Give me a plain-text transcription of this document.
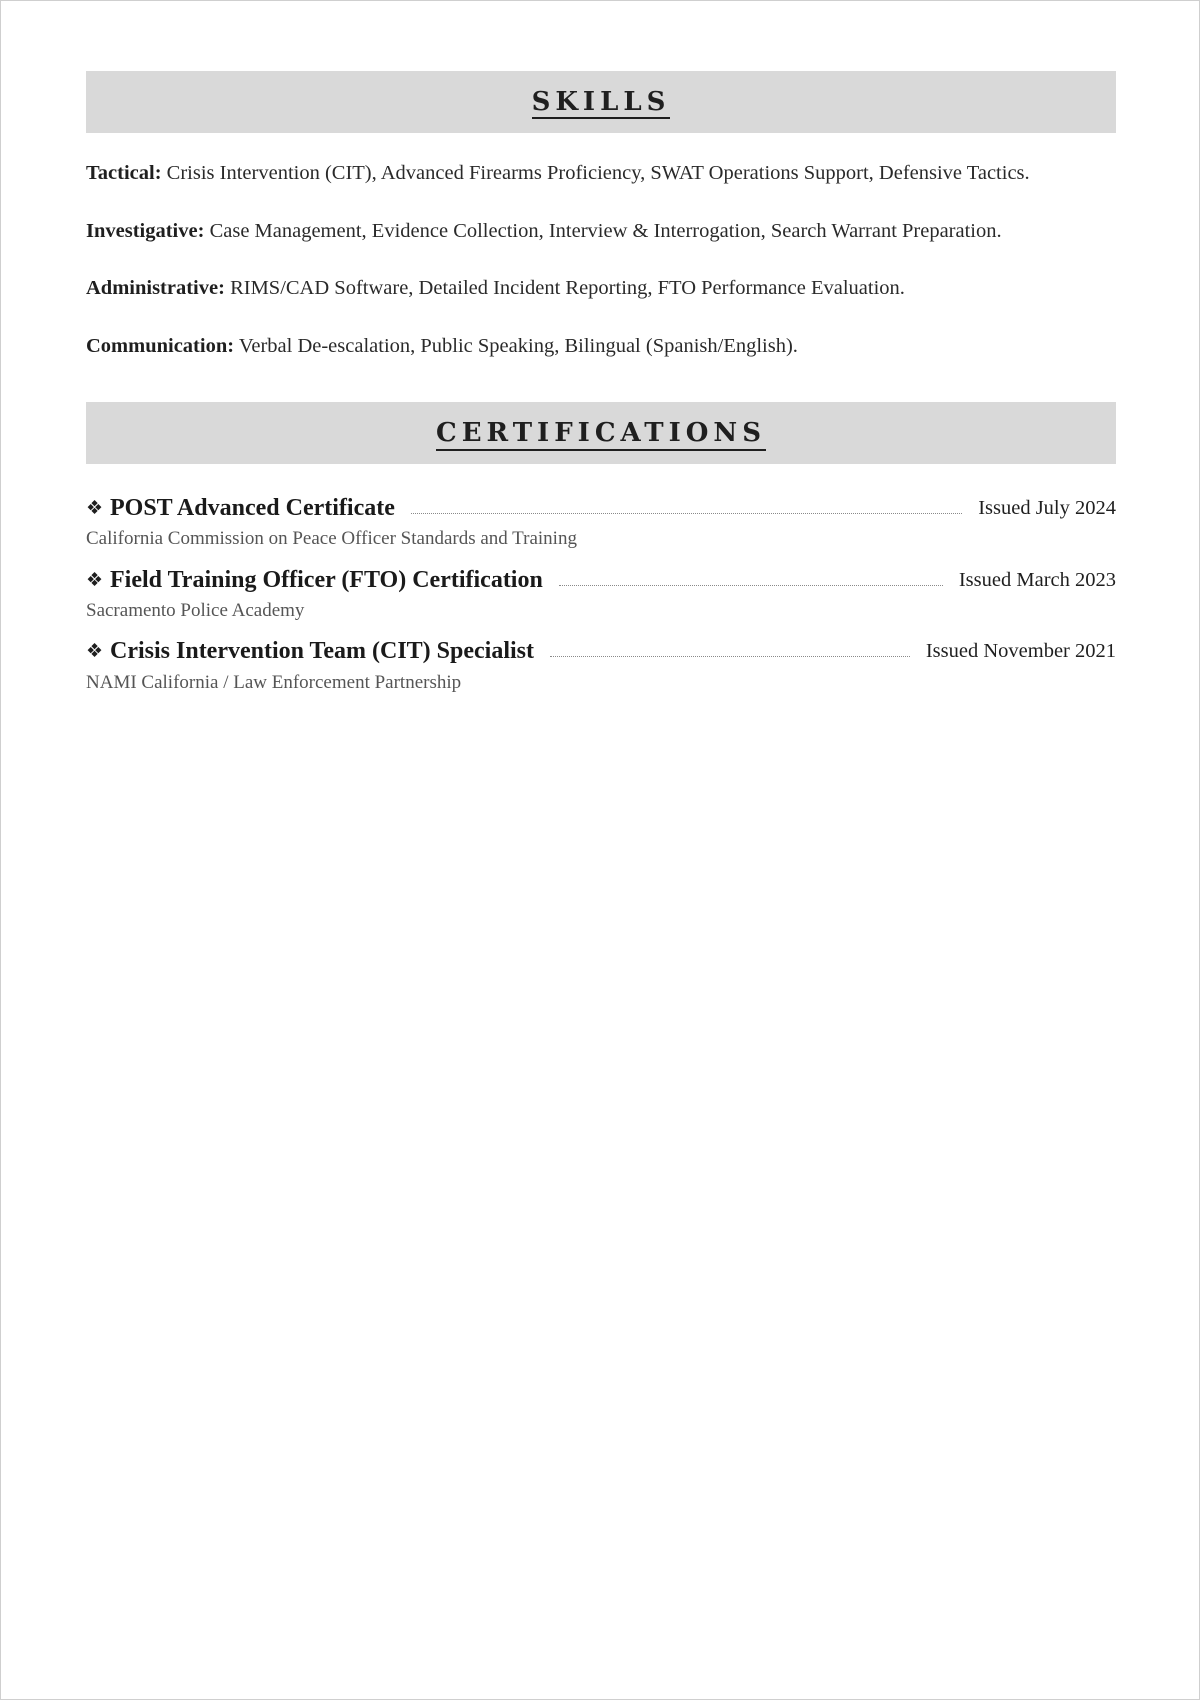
SKILLS
Tactical: Crisis Intervention (CIT), Advanced Firearms Proficiency, SWAT Operations Support, Defensive Tactics.
Investigative: Case Management, Evidence Collection, Interview & Interrogation, Search Warrant Preparation.
Administrative: RIMS/CAD Software, Detailed Incident Reporting, FTO Performance Evaluation.
Communication: Verbal De-escalation, Public Speaking, Bilingual (Spanish/English).
CERTIFICATIONS
❖ POST Advanced Certificate	Issued July 2024
California Commission on Peace Officer Standards and Training
❖ Field Training Officer (FTO) Certification	Issued March 2023
Sacramento Police Academy
❖ Crisis Intervention Team (CIT) Specialist	Issued November 2021
NAMI California / Law Enforcement Partnership
